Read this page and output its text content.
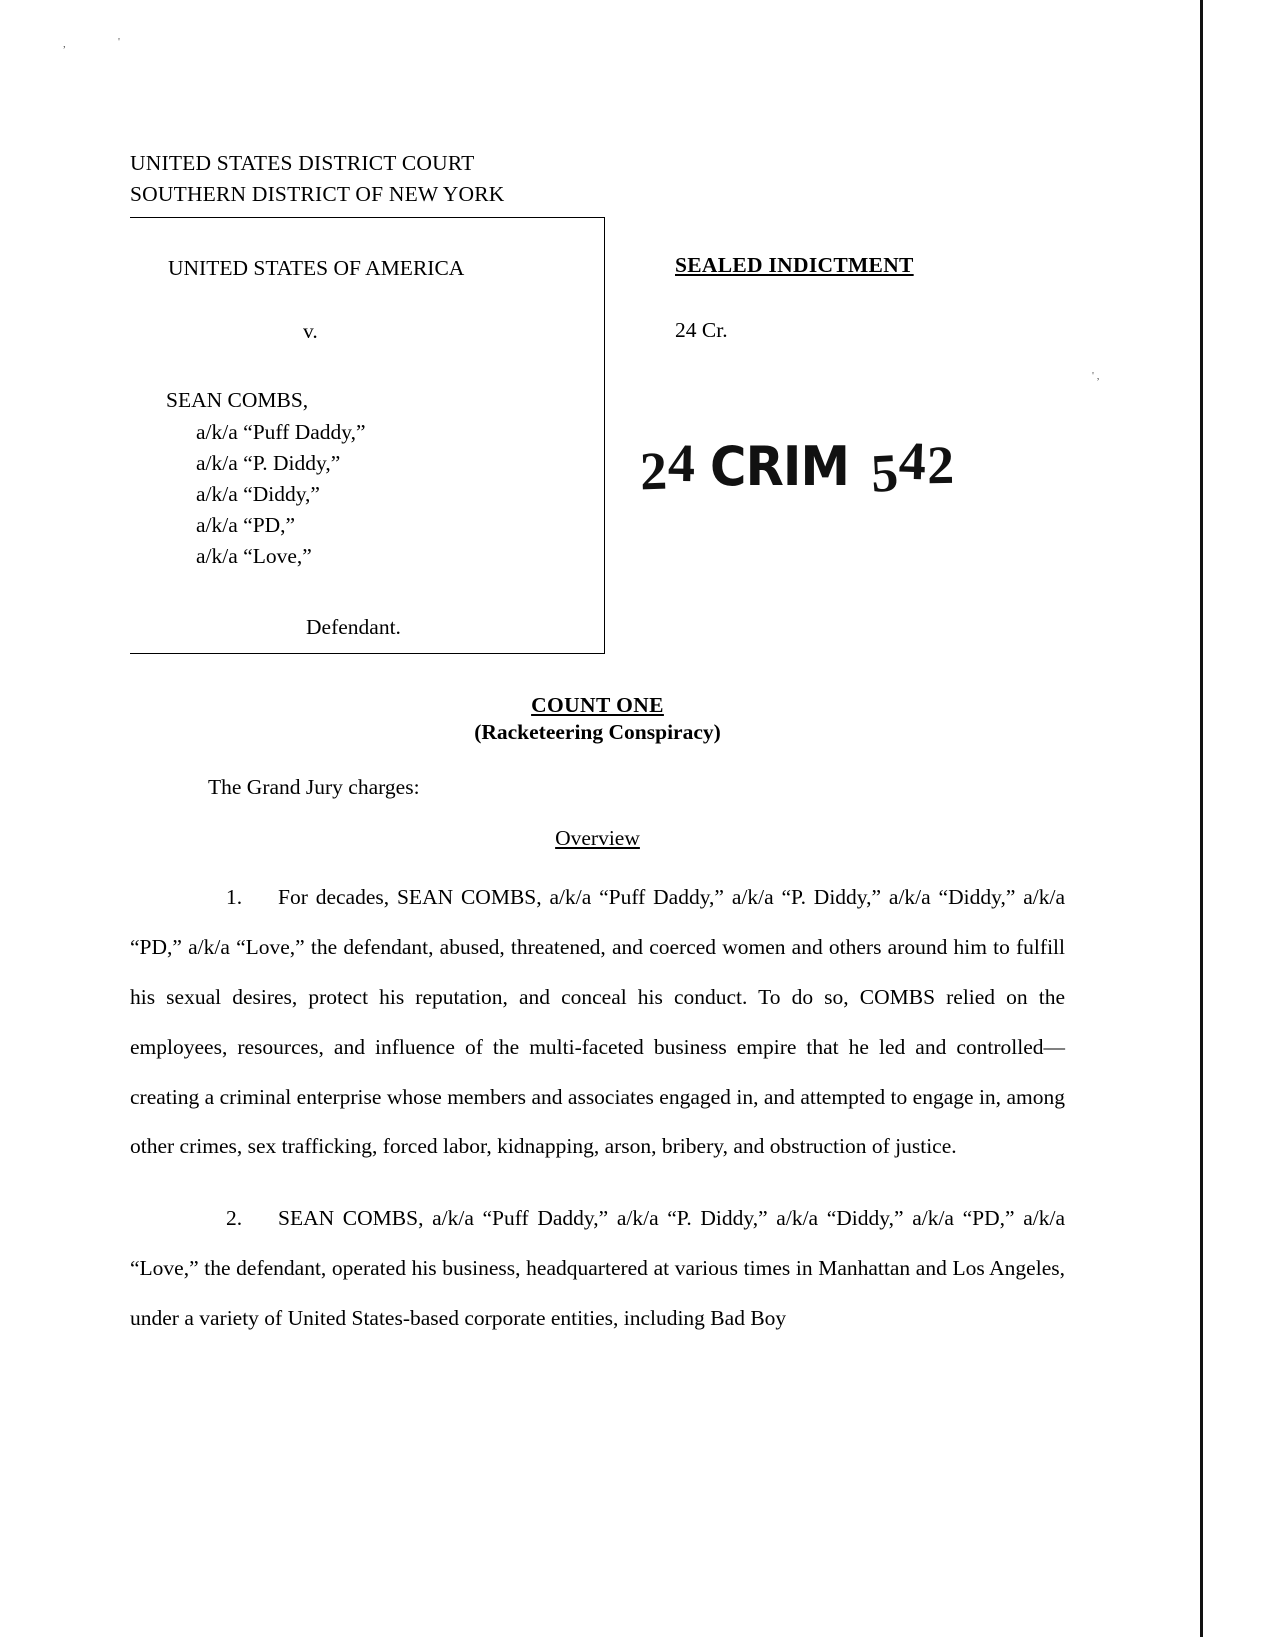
,	'
' ,
UNITED STATES DISTRICT COURT
SOUTHERN DISTRICT OF NEW YORK
UNITED STATES OF AMERICA
v.
SEAN COMBS,
a/k/a “Puff Daddy,”
a/k/a “P. Diddy,”
a/k/a “Diddy,”
a/k/a “PD,”
a/k/a “Love,”
Defendant.
SEALED INDICTMENT
24 Cr.
24 CRIM 542
COUNT ONE
(Racketeering Conspiracy)
The Grand Jury charges:
Overview
1. For decades, SEAN COMBS, a/k/a “Puff Daddy,” a/k/a “P. Diddy,” a/k/a “Diddy,” a/k/a “PD,” a/k/a “Love,” the defendant, abused, threatened, and coerced women and others around him to fulfill his sexual desires, protect his reputation, and conceal his conduct. To do so, COMBS relied on the employees, resources, and influence of the multi-faceted business empire that he led and controlled—creating a criminal enterprise whose members and associates engaged in, and attempted to engage in, among other crimes, sex trafficking, forced labor, kidnapping, arson, bribery, and obstruction of justice.
2. SEAN COMBS, a/k/a “Puff Daddy,” a/k/a “P. Diddy,” a/k/a “Diddy,” a/k/a “PD,” a/k/a “Love,” the defendant, operated his business, headquartered at various times in Manhattan and Los Angeles, under a variety of United States-based corporate entities, including Bad Boy
